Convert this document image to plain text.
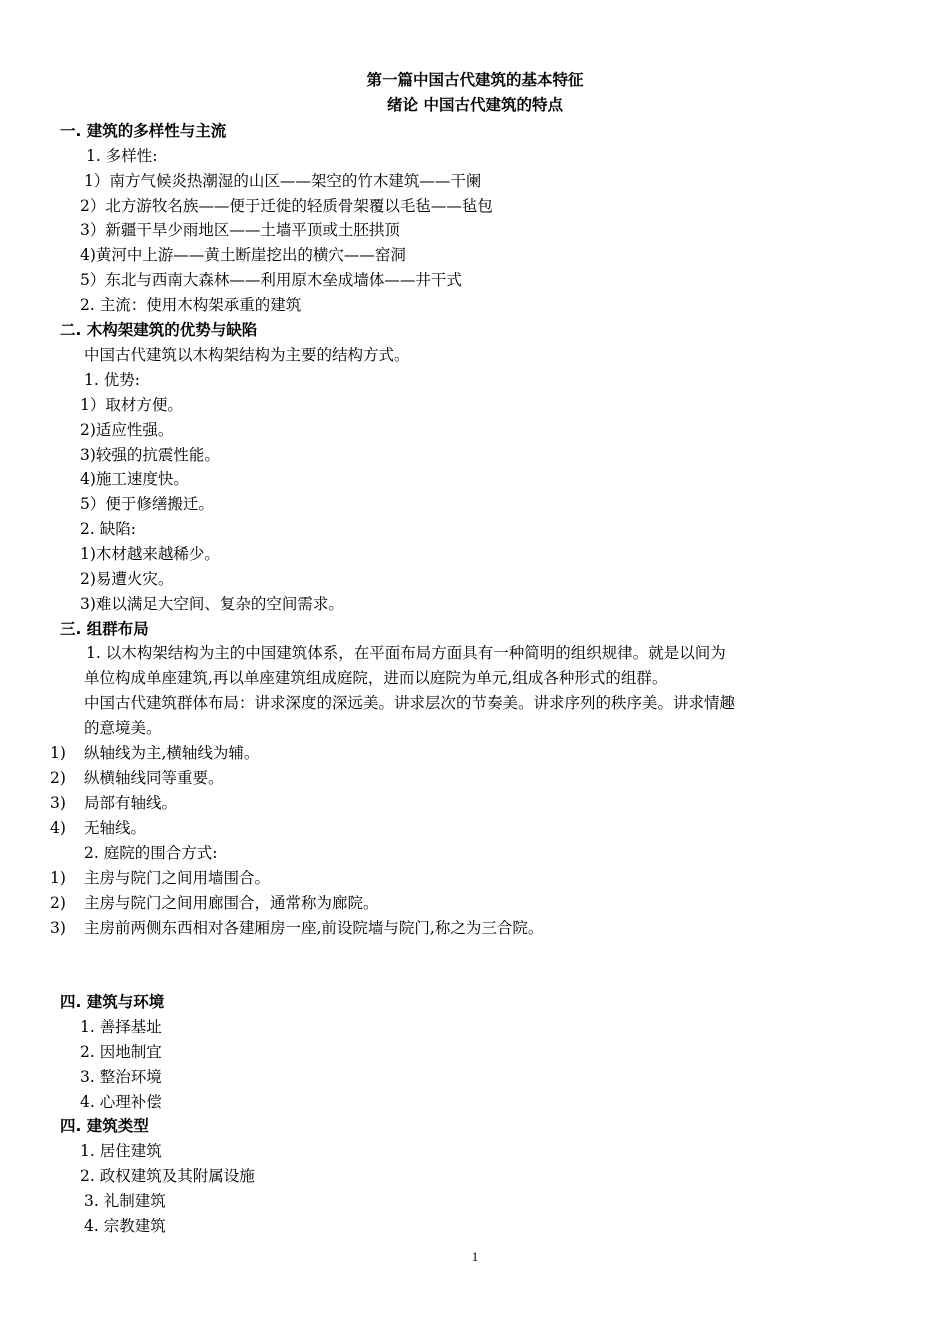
第一篇中国古代建筑的基本特征
绪论 中国古代建筑的特点
一. 建筑的多样性与主流
1. 多样性:
1）南方气候炎热潮湿的山区——架空的竹木建筑——干阑
2）北方游牧名族——便于迁徙的轻质骨架覆以毛毡——毡包
3）新疆干旱少雨地区——土墙平顶或土胚拱顶
4)黄河中上游——黄土断崖挖出的横穴——窑洞
5）东北与西南大森林——利用原木垒成墙体——井干式
2. 主流：使用木构架承重的建筑
二. 木构架建筑的优势与缺陷
中国古代建筑以木构架结构为主要的结构方式。
1. 优势:
1）取材方便。
2)适应性强。
3)较强的抗震性能。
4)施工速度快。
5）便于修缮搬迁。
2. 缺陷:
1)木材越来越稀少。
2)易遭火灾。
3)难以满足大空间、复杂的空间需求。
三. 组群布局
1. 以木构架结构为主的中国建筑体系，在平面布局方面具有一种简明的组织规律。就是以间为
单位构成单座建筑,再以单座建筑组成庭院，进而以庭院为单元,组成各种形式的组群。
中国古代建筑群体布局：讲求深度的深远美。讲求层次的节奏美。讲求序列的秩序美。讲求情趣
的意境美。
1) 纵轴线为主,横轴线为辅。
2) 纵横轴线同等重要。
3) 局部有轴线。
4) 无轴线。
2. 庭院的围合方式:
1) 主房与院门之间用墙围合。
2) 主房与院门之间用廊围合，通常称为廊院。
3) 主房前两侧东西相对各建厢房一座,前设院墙与院门,称之为三合院。
四. 建筑与环境
1. 善择基址
2. 因地制宜
3. 整治环境
4. 心理补偿
四. 建筑类型
1. 居住建筑
2. 政权建筑及其附属设施
3. 礼制建筑
4. 宗教建筑
1
